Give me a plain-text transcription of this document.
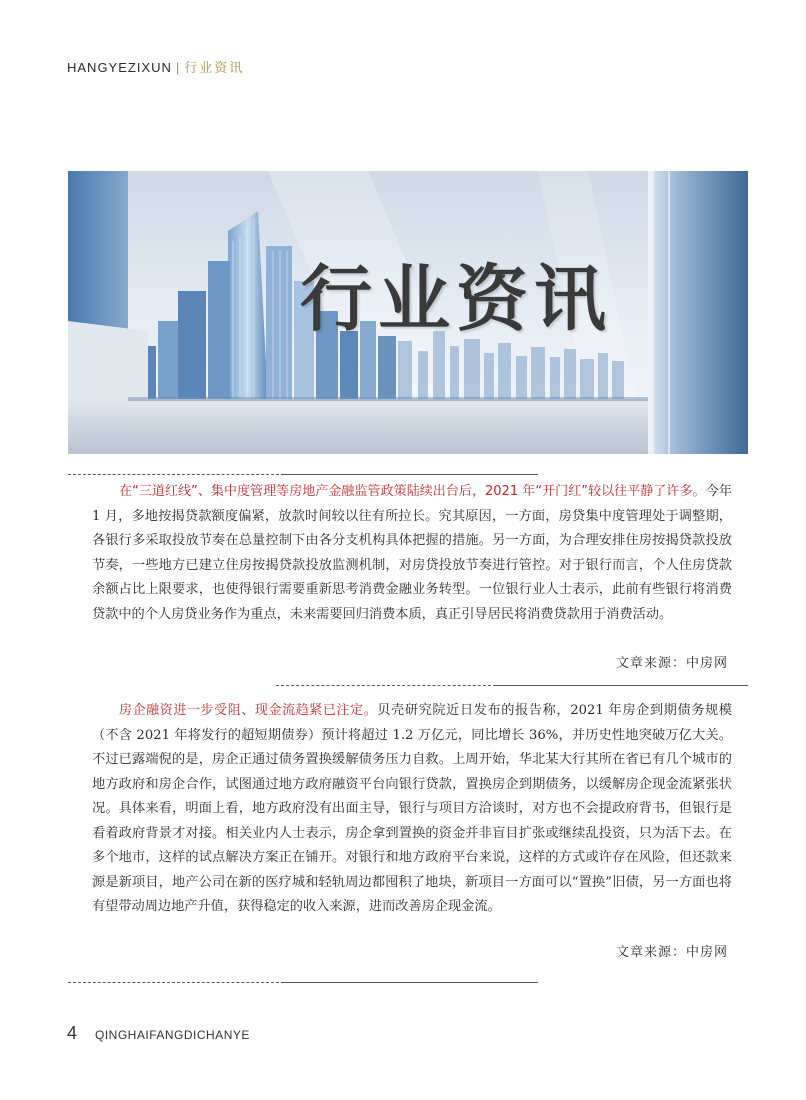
HANGYEZIXUN | 行业资讯
行业资讯

在“三道红线”、集中度管理等房地产金融监管政策陆续出台后，2021 年“开门红”较以往平静了许多。今年 1 月，多地按揭贷款额度偏紧，放款时间较以往有所拉长。究其原因，一方面，房贷集中度管理处于调整期，各银行多采取投放节奏在总量控制下由各分支机构具体把握的措施。另一方面，为合理安排住房按揭贷款投放节奏，一些地方已建立住房按揭贷款投放监测机制，对房贷投放节奏进行管控。对于银行而言，个人住房贷款余额占比上限要求，也使得银行需要重新思考消费金融业务转型。一位银行业人士表示，此前有些银行将消费贷款中的个人房贷业务作为重点，未来需要回归消费本质，真正引导居民将消费贷款用于消费活动。

文章来源：中房网

房企融资进一步受阻、现金流趋紧已注定。贝壳研究院近日发布的报告称，2021 年房企到期债务规模（不含 2021 年将发行的超短期债券）预计将超过 1.2 万亿元，同比增长 36%，并历史性地突破万亿大关。不过已露端倪的是，房企正通过债务置换缓解债务压力自救。上周开始，华北某大行其所在省已有几个城市的地方政府和房企合作，试图通过地方政府融资平台向银行贷款，置换房企到期债务，以缓解房企现金流紧张状况。具体来看，明面上看，地方政府没有出面主导，银行与项目方洽谈时，对方也不会提政府背书，但银行是看着政府背景才对接。相关业内人士表示，房企拿到置换的资金并非盲目扩张或继续乱投资，只为活下去。在多个地市，这样的试点解决方案正在铺开。对银行和地方政府平台来说，这样的方式或许存在风险，但还款来源是新项目，地产公司在新的医疗城和轻轨周边都囤积了地块，新项目一方面可以“置换”旧债，另一方面也将有望带动周边地产升值，获得稳定的收入来源，进而改善房企现金流。

文章来源：中房网
4 QINGHAIFANGDICHANYE
